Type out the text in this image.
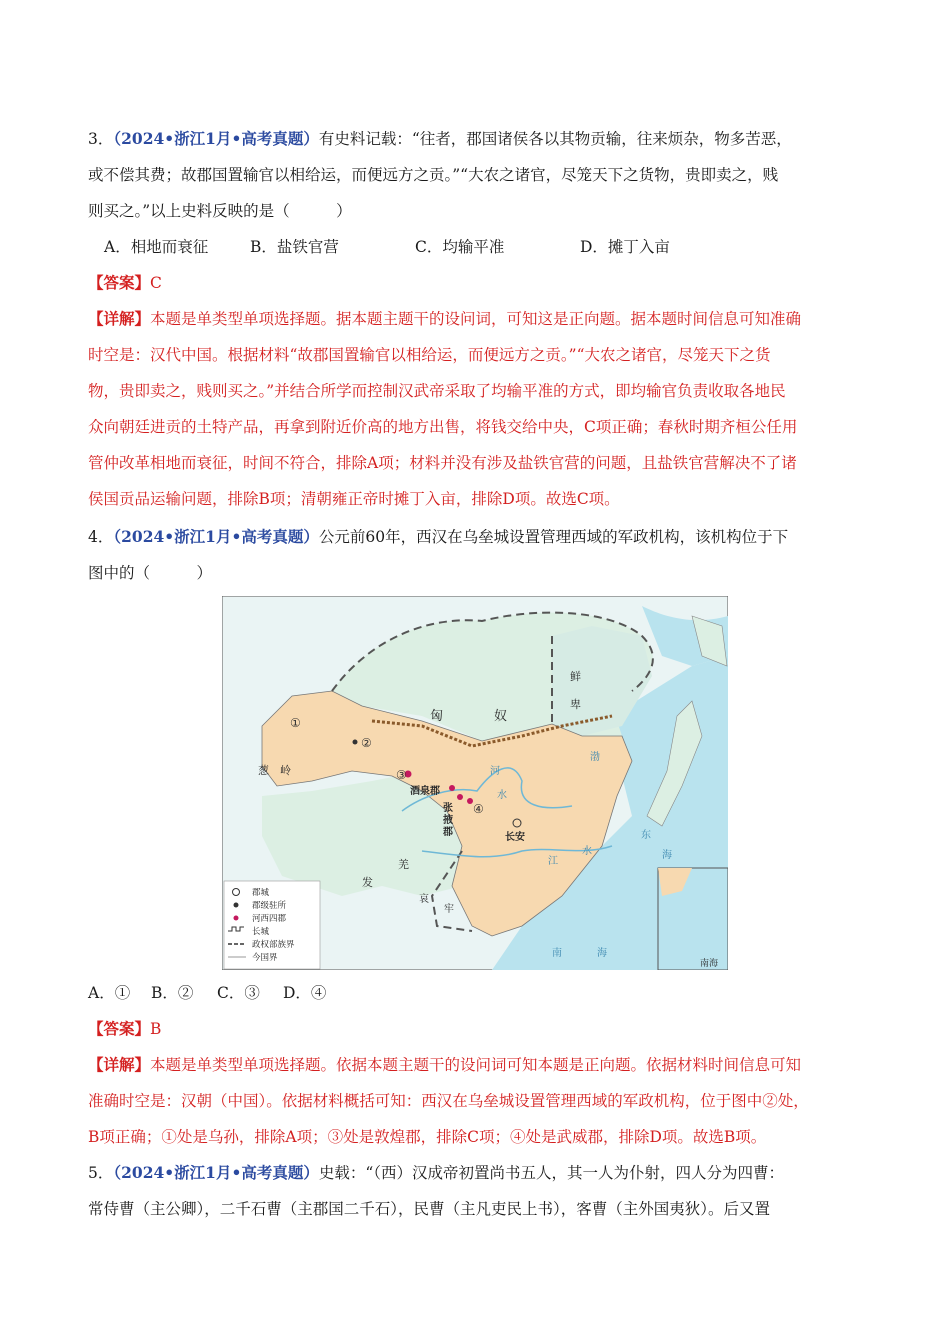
3．（2024•浙江1月•高考真题）有史料记载：“往者，郡国诸侯各以其物贡输，往来烦杂，物多苦恶，
或不偿其费；故郡国置输官以相给运，而便远方之贡。”“大农之诸官，尽笼天下之货物，贵即卖之，贱
则买之。”以上史料反映的是（　　　）
A．相地而衰征	B．盐铁官营	C．均输平准	D．摊丁入亩
【答案】C
【详解】本题是单类型单项选择题。据本题主题干的设问词，可知这是正向题。据本题时间信息可知准确
时空是：汉代中国。根据材料“故郡国置输官以相给运，而便远方之贡。”“大农之诸官，尽笼天下之货
物，贵即卖之，贱则买之。”并结合所学而控制汉武帝采取了均输平准的方式，即均输官负责收取各地民
众向朝廷进贡的土特产品，再拿到附近价高的地方出售，将钱交给中央，C项正确；春秋时期齐桓公任用
管仲改革相地而衰征，时间不符合，排除A项；材料并没有涉及盐铁官营的问题，且盐铁官营解决不了诸
侯国贡品运输问题，排除B项；清朝雍正帝时摊丁入亩，排除D项。故选C项。
4．（2024•浙江1月•高考真题）公元前60年，西汉在乌垒城设置管理西域的军政机构，该机构位于下
图中的（　　　）
郡城
郡级驻所
河西四郡
长城
政权部族界
今国界
①
②
③
④
匈	奴
鲜
卑
葱 岭
酒泉郡
张
掖
郡	长安
河
水
江
水
渤
东
海
南	海
发
羌
哀
牢
南海
A．① B．② C．③ D．④
【答案】B
【详解】本题是单类型单项选择题。依据本题主题干的设问词可知本题是正向题。依据材料时间信息可知
准确时空是：汉朝（中国）。依据材料概括可知：西汉在乌垒城设置管理西域的军政机构，位于图中②处，
B项正确；①处是乌孙，排除A项；③处是敦煌郡，排除C项；④处是武威郡，排除D项。故选B项。
5．（2024•浙江1月•高考真题）史载：“（西）汉成帝初置尚书五人，其一人为仆射，四人分为四曹：
常侍曹（主公卿），二千石曹（主郡国二千石），民曹（主凡吏民上书），客曹（主外国夷狄）。后又置
